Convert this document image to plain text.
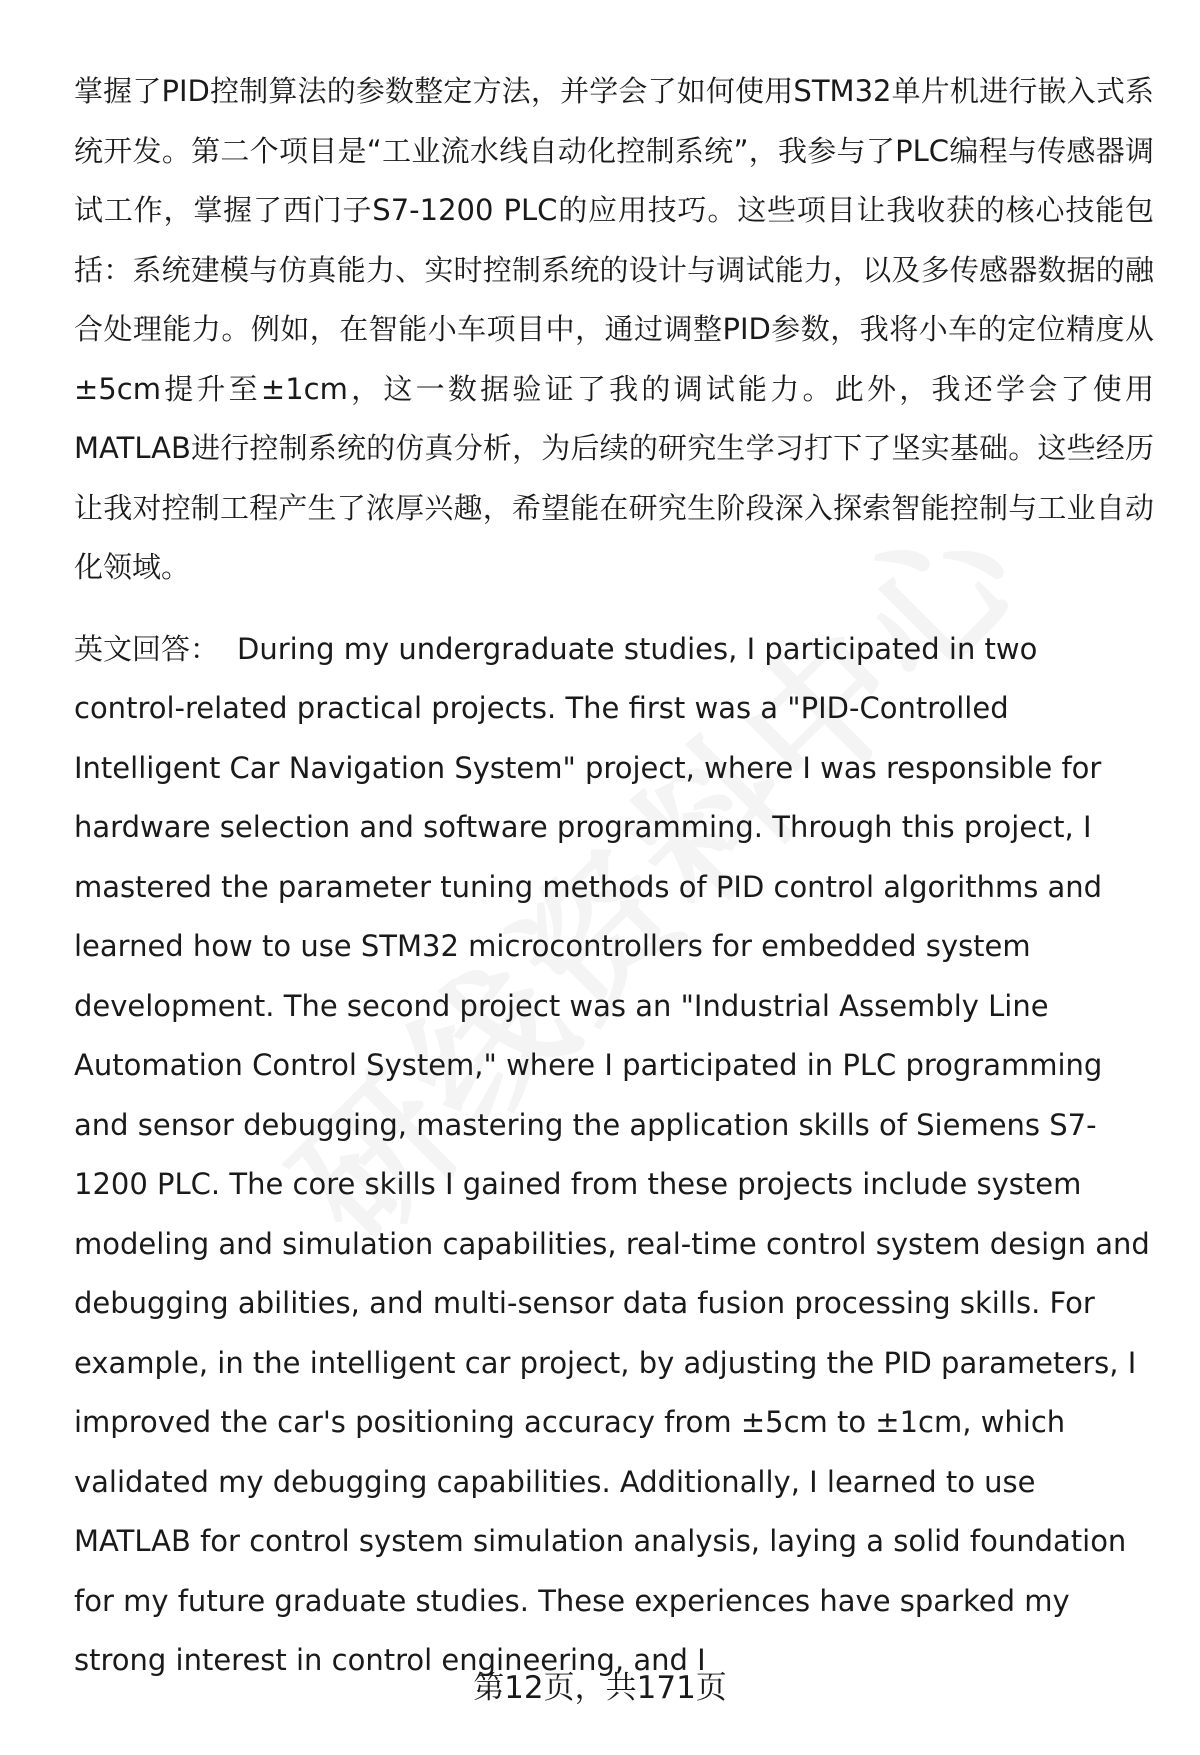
掌握了PID控制算法的参数整定方法，并学会了如何使用STM32单片机进行嵌入式系统开发。第二个项目是“工业流水线自动化控制系统”，我参与了PLC编程与传感器调试工作，掌握了西门子S7-1200 PLC的应用技巧。这些项目让我收获的核心技能包括：系统建模与仿真能力、实时控制系统的设计与调试能力，以及多传感器数据的融合处理能力。例如，在智能小车项目中，通过调整PID参数，我将小车的定位精度从±5cm提升至±1cm，这一数据验证了我的调试能力。此外，我还学会了使用MATLAB进行控制系统的仿真分析，为后续的研究生学习打下了坚实基础。这些经历让我对控制工程产生了浓厚兴趣，希望能在研究生阶段深入探索智能控制与工业自动化领域。

英文回答： During my undergraduate studies, I participated in two control-related practical projects. The first was a "PID-Controlled Intelligent Car Navigation System" project, where I was responsible for hardware selection and software programming. Through this project, I mastered the parameter tuning methods of PID control algorithms and learned how to use STM32 microcontrollers for embedded system development. The second project was an "Industrial Assembly Line Automation Control System," where I participated in PLC programming and sensor debugging, mastering the application skills of Siemens S7-1200 PLC. The core skills I gained from these projects include system modeling and simulation capabilities, real-time control system design and debugging abilities, and multi-sensor data fusion processing skills. For example, in the intelligent car project, by adjusting the PID parameters, I improved the car's positioning accuracy from ±5cm to ±1cm, which validated my debugging capabilities. Additionally, I learned to use MATLAB for control system simulation analysis, laying a solid foundation for my future graduate studies. These experiences have sparked my strong interest in control engineering, and I

第12页，共171页
